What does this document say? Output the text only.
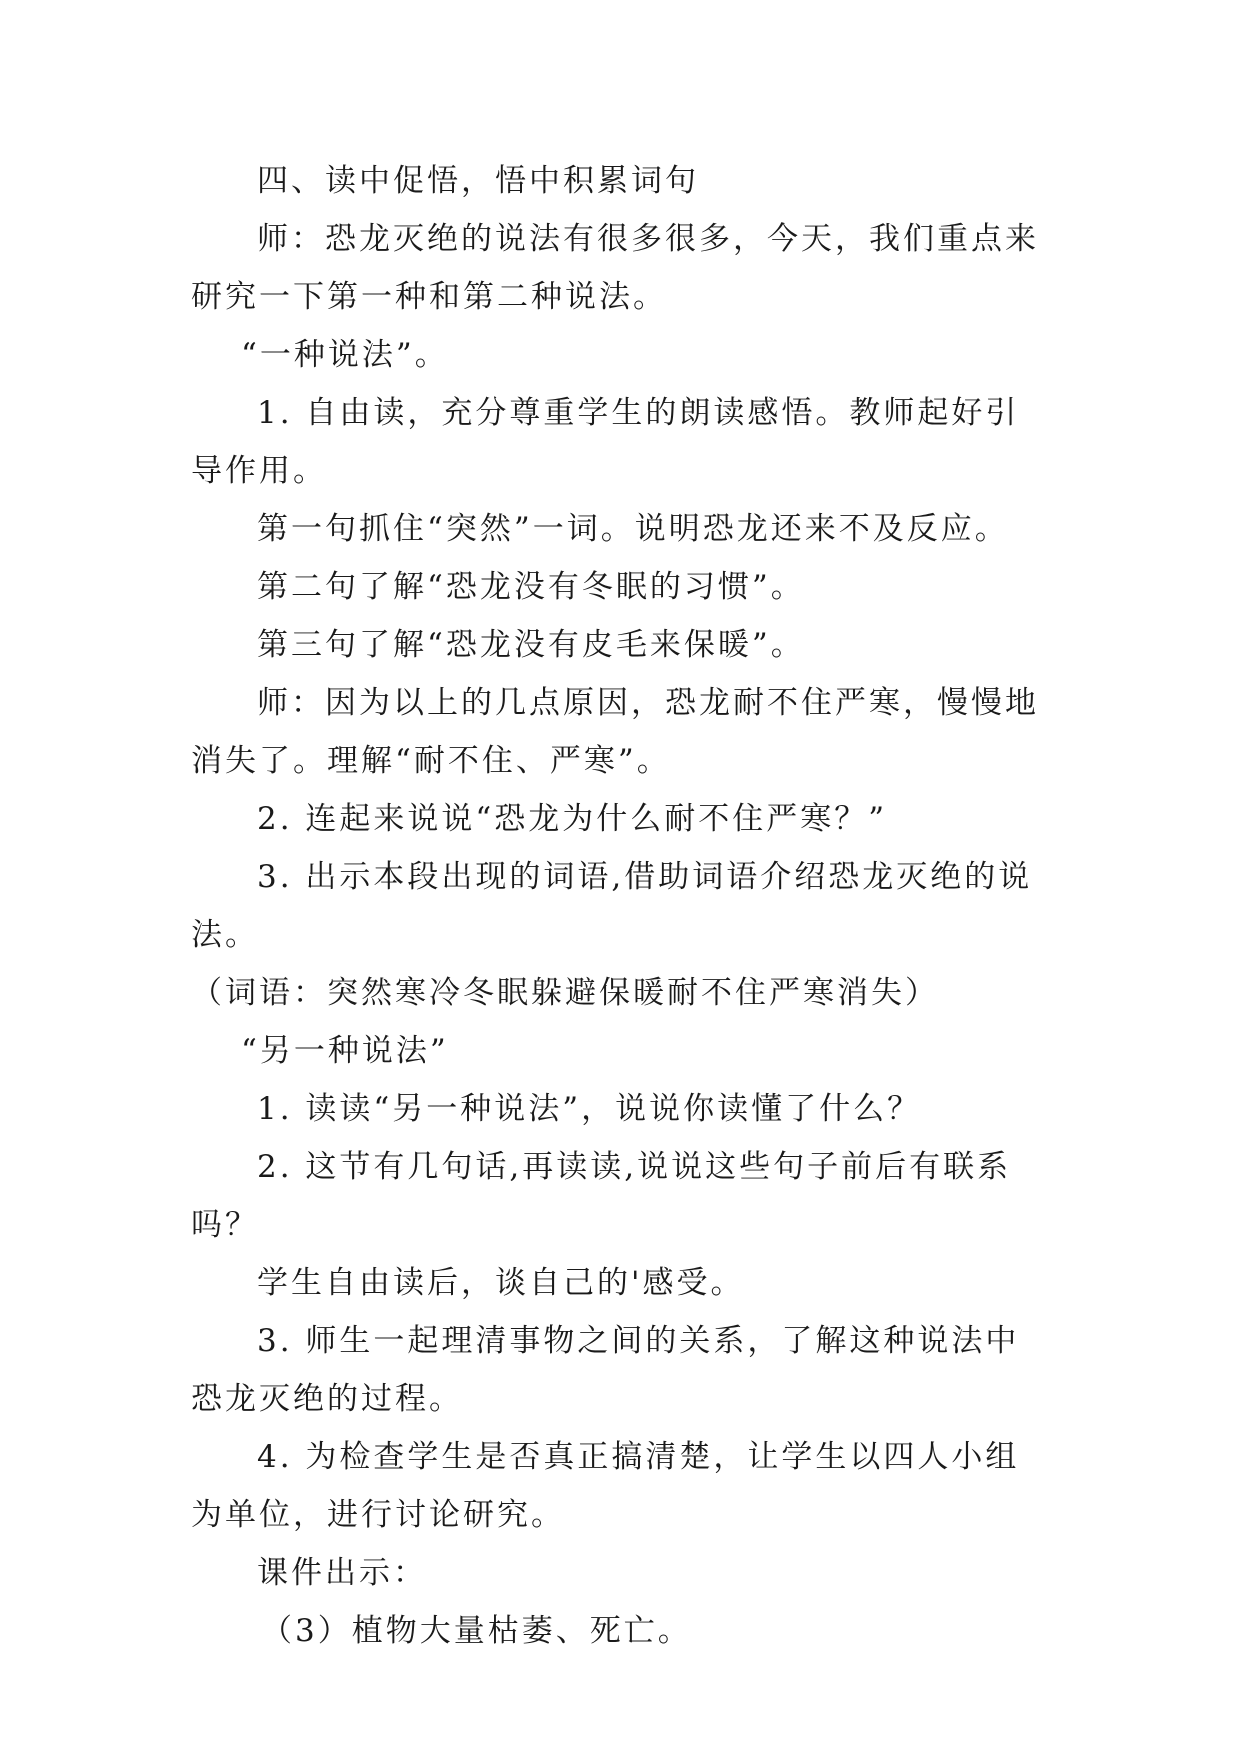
四、读中促悟，悟中积累词句

师：恐龙灭绝的说法有很多很多，今天，我们重点来研究一下第一种和第二种说法。

“一种说法”。

1. 自由读，充分尊重学生的朗读感悟。教师起好引导作用。

第一句抓住“突然”一词。说明恐龙还来不及反应。

第二句了解“恐龙没有冬眠的习惯”。

第三句了解“恐龙没有皮毛来保暖”。

师：因为以上的几点原因，恐龙耐不住严寒，慢慢地消失了。理解“耐不住、严寒”。

2. 连起来说说“恐龙为什么耐不住严寒？”

3. 出示本段出现的词语,借助词语介绍恐龙灭绝的说法。

（词语：突然寒冷冬眠躲避保暖耐不住严寒消失）

“另一种说法”

1. 读读“另一种说法”，说说你读懂了什么？

2. 这节有几句话,再读读,说说这些句子前后有联系吗？

学生自由读后，谈自己的'感受。

3. 师生一起理清事物之间的关系，了解这种说法中恐龙灭绝的过程。

4. 为检查学生是否真正搞清楚，让学生以四人小组为单位，进行讨论研究。

课件出示：

（3）植物大量枯萎、死亡。
